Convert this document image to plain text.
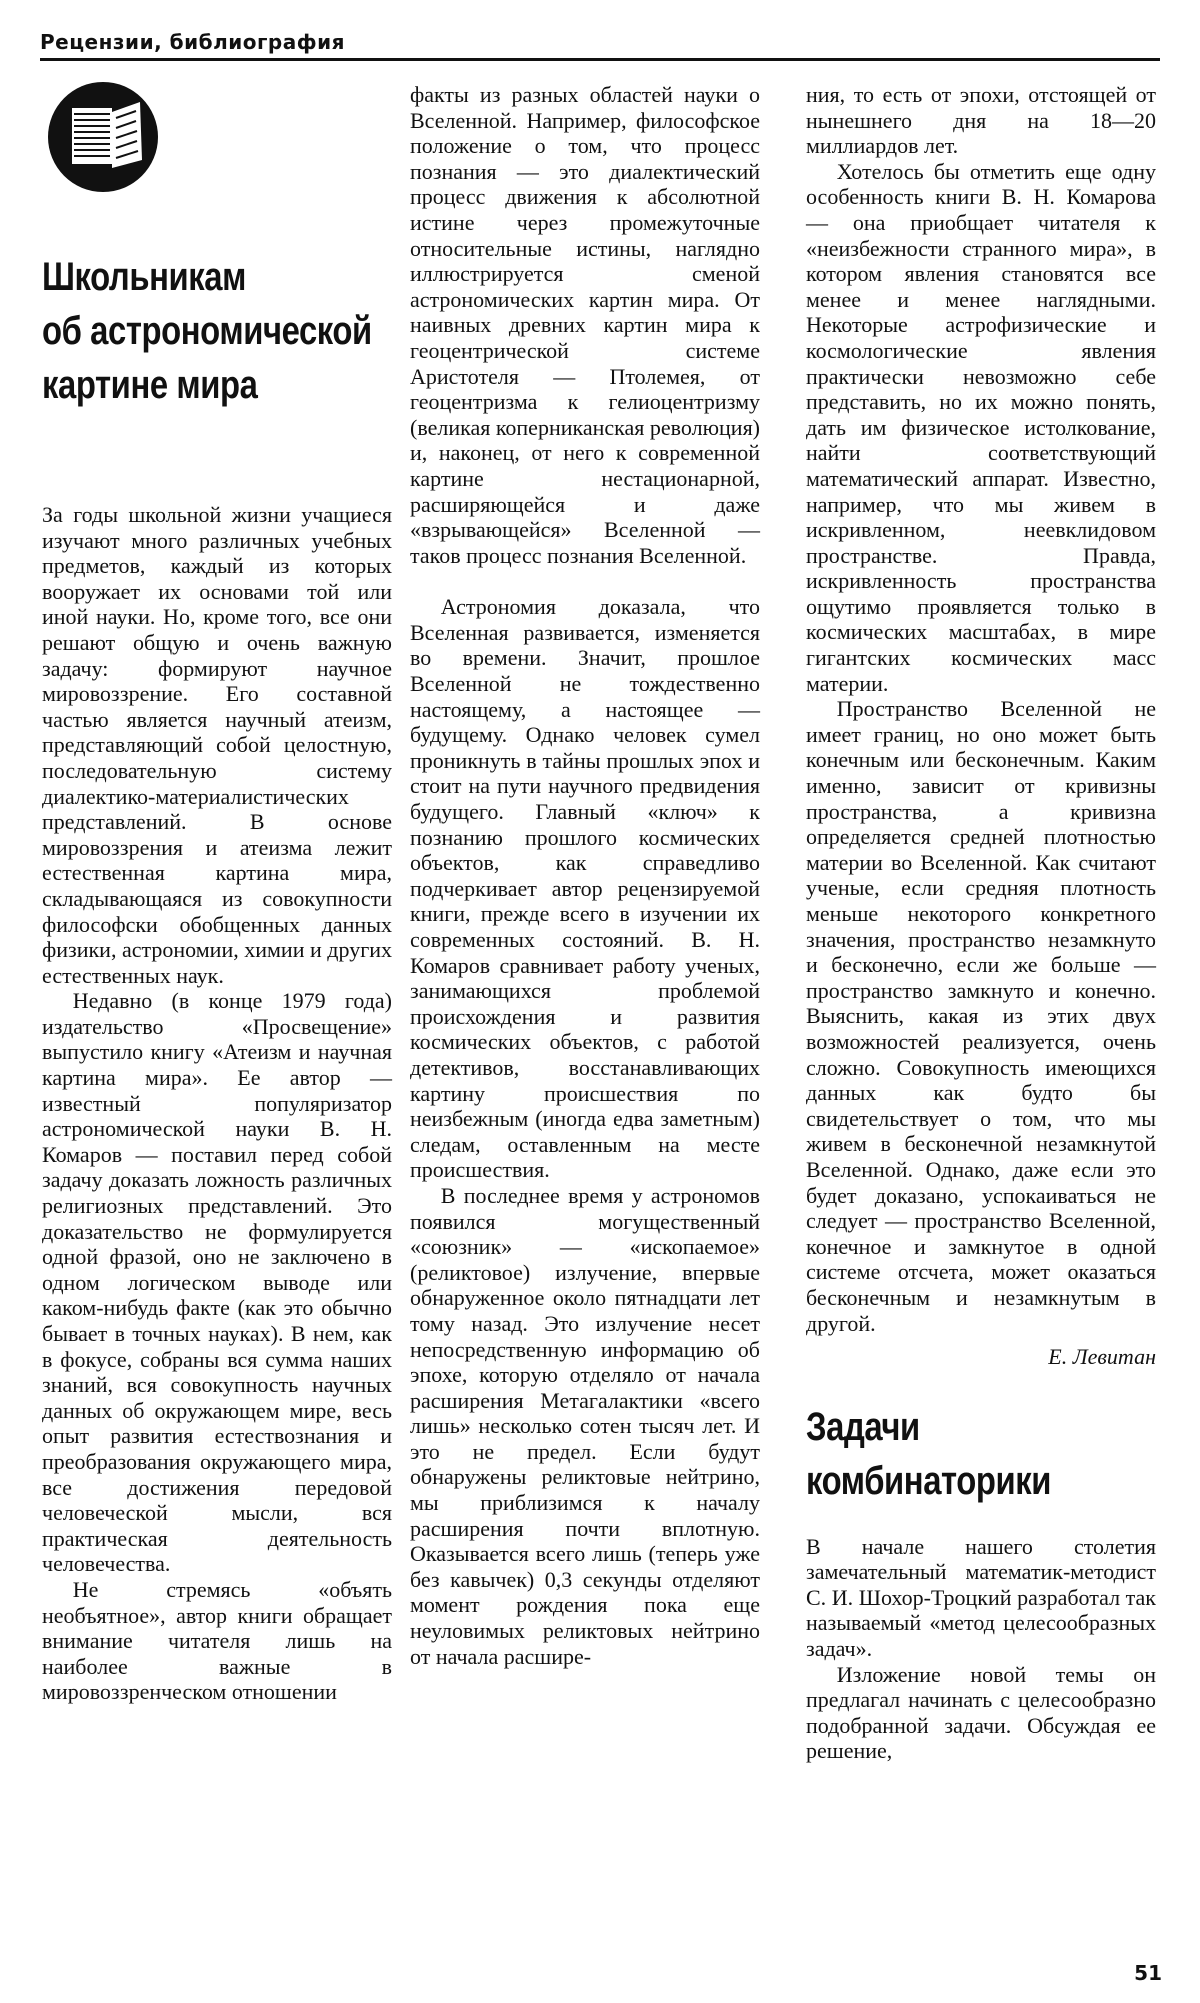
Рецензии, библиография
Школьникам
об астрономической
картине мира

За годы школьной жизни учащиеся изучают много различных учебных предметов, каждый из которых вооружает их основами той или иной науки. Но, кроме того, все они решают общую и очень важную задачу: формируют научное мировоззрение. Его составной частью является научный атеизм, представляющий собой целостную, последовательную систему диалектико-материалистических представлений. В основе мировоззрения и атеизма лежит естественная картина мира, складывающаяся из совокупности философски обобщенных данных физики, астрономии, химии и других естественных наук.

Недавно (в конце 1979 года) издательство «Просвещение» выпустило книгу «Атеизм и научная картина мира». Ее автор — известный популяризатор астрономической науки В. Н. Комаров — поставил перед собой задачу доказать ложность различных религиозных представлений. Это доказательство не формулируется одной фразой, оно не заключено в одном логическом выводе или каком-нибудь факте (как это обычно бывает в точных науках). В нем, как в фокусе, собраны вся сумма наших знаний, вся совокупность научных данных об окружающем мире, весь опыт развития естествознания и преобразования окружающего мира, все достижения передовой человеческой мысли, вся практическая деятельность человечества.

Не стремясь «объять необъятное», автор книги обращает внимание читателя лишь на наиболее важные в мировоззренческом отношении

факты из разных областей науки о Вселенной. Например, философское положение о том, что процесс познания — это диалектический процесс движения к абсолютной истине через промежуточные относительные истины, наглядно иллюстрируется сменой астрономических картин мира. От наивных древних картин мира к геоцентрической системе Аристотеля — Птолемея, от геоцентризма к гелиоцентризму (великая коперниканская революция) и, наконец, от него к современной картине нестационарной, расширяющейся и даже «взрывающейся» Вселенной — таков процесс познания Вселенной.

Астрономия доказала, что Вселенная развивается, изменяется во времени. Значит, прошлое Вселенной не тождественно настоящему, а настоящее — будущему. Однако человек сумел проникнуть в тайны прошлых эпох и стоит на пути научного предвидения будущего. Главный «ключ» к познанию прошлого космических объектов, как справедливо подчеркивает автор рецензируемой книги, прежде всего в изучении их современных состояний. В. Н. Комаров сравнивает работу ученых, занимающихся проблемой происхождения и развития космических объектов, с работой детективов, восстанавливающих картину происшествия по неизбежным (иногда едва заметным) следам, оставленным на месте происшествия.

В последнее время у астрономов появился могущественный «союзник» — «ископаемое» (реликтовое) излучение, впервые обнаруженное около пятнадцати лет тому назад. Это излучение несет непосредственную информацию об эпохе, которую отделяло от начала расширения Метагалактики «всего лишь» несколько сотен тысяч лет. И это не предел. Если будут обнаружены реликтовые нейтрино, мы приблизимся к началу расширения почти вплотную. Оказывается всего лишь (теперь уже без кавычек) 0,3 секунды отделяют момент рождения пока еще неуловимых реликтовых нейтрино от начала расшире-

ния, то есть от эпохи, отстоящей от нынешнего дня на 18—20 миллиардов лет.

Хотелось бы отметить еще одну особенность книги В. Н. Комарова — она приобщает читателя к «неизбежности странного мира», в котором явления становятся все менее и менее наглядными. Некоторые астрофизические и космологические явления практически невозможно себе представить, но их можно понять, дать им физическое истолкование, найти соответствующий математический аппарат. Известно, например, что мы живем в искривленном, неевклидовом пространстве. Правда, искривленность пространства ощутимо проявляется только в космических масштабах, в мире гигантских космических масс материи.

Пространство Вселенной не имеет границ, но оно может быть конечным или бесконечным. Каким именно, зависит от кривизны пространства, а кривизна определяется средней плотностью материи во Вселенной. Как считают ученые, если средняя плотность меньше некоторого конкретного значения, пространство незамкнуто и бесконечно, если же больше — пространство замкнуто и конечно. Выяснить, какая из этих двух возможностей реализуется, очень сложно. Совокупность имеющихся данных как будто бы свидетельствует о том, что мы живем в бесконечной незамкнутой Вселенной. Однако, даже если это будет доказано, успокаиваться не следует — пространство Вселенной, конечное и замкнутое в одной системе отсчета, может оказаться бесконечным и незамкнутым в другой.

Е. Левитан
Задачи
комбинаторики

В начале нашего столетия замечательный математик-методист С. И. Шохор-Троцкий разработал так называемый «метод целесообразных задач».

Изложение новой темы он предлагал начинать с целесообразно подобранной задачи. Обсуждая ее решение,

51
